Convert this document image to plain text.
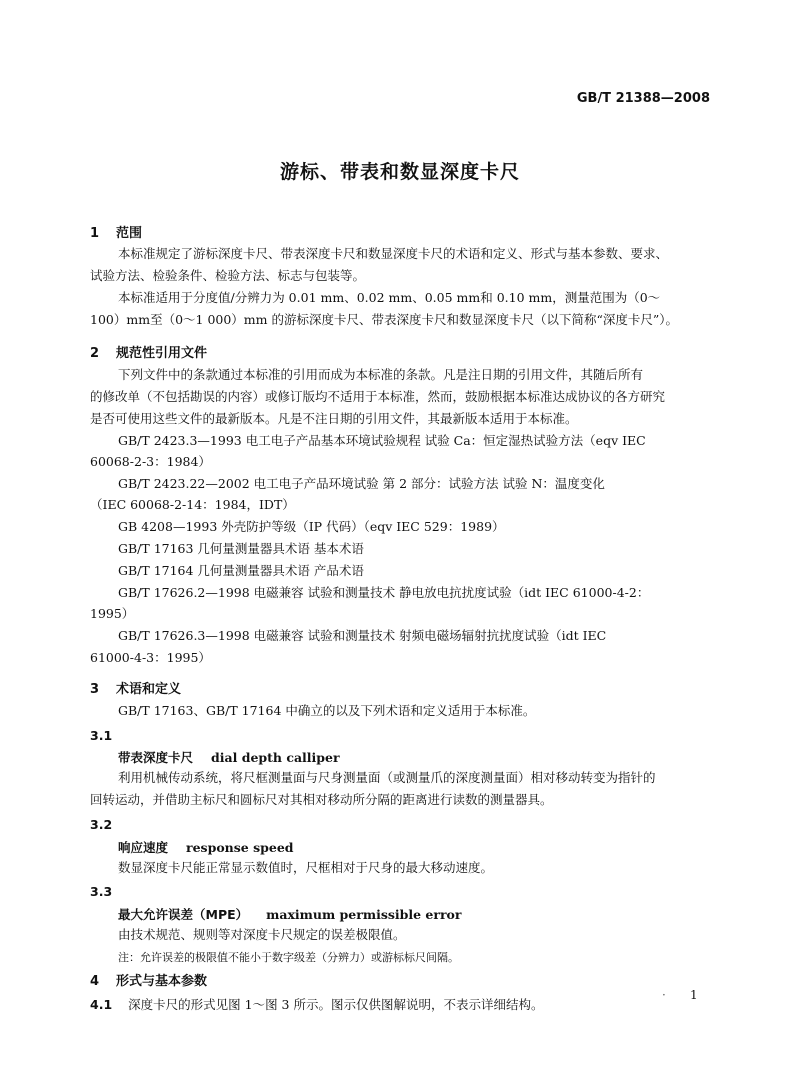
GB/T 21388—2008
游标、带表和数显深度卡尺
1 范围
本标准规定了游标深度卡尺、带表深度卡尺和数显深度卡尺的术语和定义、形式与基本参数、要求、
试验方法、检验条件、检验方法、标志与包装等。
本标准适用于分度值/分辨力为 0.01 mm、0.02 mm、0.05 mm和 0.10 mm，测量范围为（0～
100）mm至（0～1 000）mm 的游标深度卡尺、带表深度卡尺和数显深度卡尺（以下简称“深度卡尺”）。
2 规范性引用文件
下列文件中的条款通过本标准的引用而成为本标准的条款。凡是注日期的引用文件，其随后所有
的修改单（不包括勘误的内容）或修订版均不适用于本标准，然而，鼓励根据本标准达成协议的各方研究
是否可使用这些文件的最新版本。凡是不注日期的引用文件，其最新版本适用于本标准。
GB/T 2423.3—1993 电工电子产品基本环境试验规程 试验 Ca：恒定湿热试验方法（eqv IEC
60068-2-3：1984）
GB/T 2423.22—2002 电工电子产品环境试验 第 2 部分：试验方法 试验 N：温度变化
（IEC 60068-2-14：1984，IDT）
GB 4208—1993 外壳防护等级（IP 代码）（eqv IEC 529：1989）
GB/T 17163 几何量测量器具术语 基本术语
GB/T 17164 几何量测量器具术语 产品术语
GB/T 17626.2—1998 电磁兼容 试验和测量技术 静电放电抗扰度试验（idt IEC 61000-4-2：
1995）
GB/T 17626.3—1998 电磁兼容 试验和测量技术 射频电磁场辐射抗扰度试验（idt IEC
61000-4-3：1995）
3 术语和定义
GB/T 17163、GB/T 17164 中确立的以及下列术语和定义适用于本标准。
3.1
带表深度卡尺 dial depth calliper
利用机械传动系统，将尺框测量面与尺身测量面（或测量爪的深度测量面）相对移动转变为指针的
回转运动，并借助主标尺和圆标尺对其相对移动所分隔的距离进行读数的测量器具。
3.2
响应速度 response speed
数显深度卡尺能正常显示数值时，尺框相对于尺身的最大移动速度。
3.3
最大允许误差（MPE） maximum permissible error
由技术规范、规则等对深度卡尺规定的误差极限值。
注：允许误差的极限值不能小于数字级差（分辨力）或游标标尺间隔。
4 形式与基本参数
4.1 深度卡尺的形式见图 1～图 3 所示。图示仅供图解说明，不表示详细结构。
· 1
